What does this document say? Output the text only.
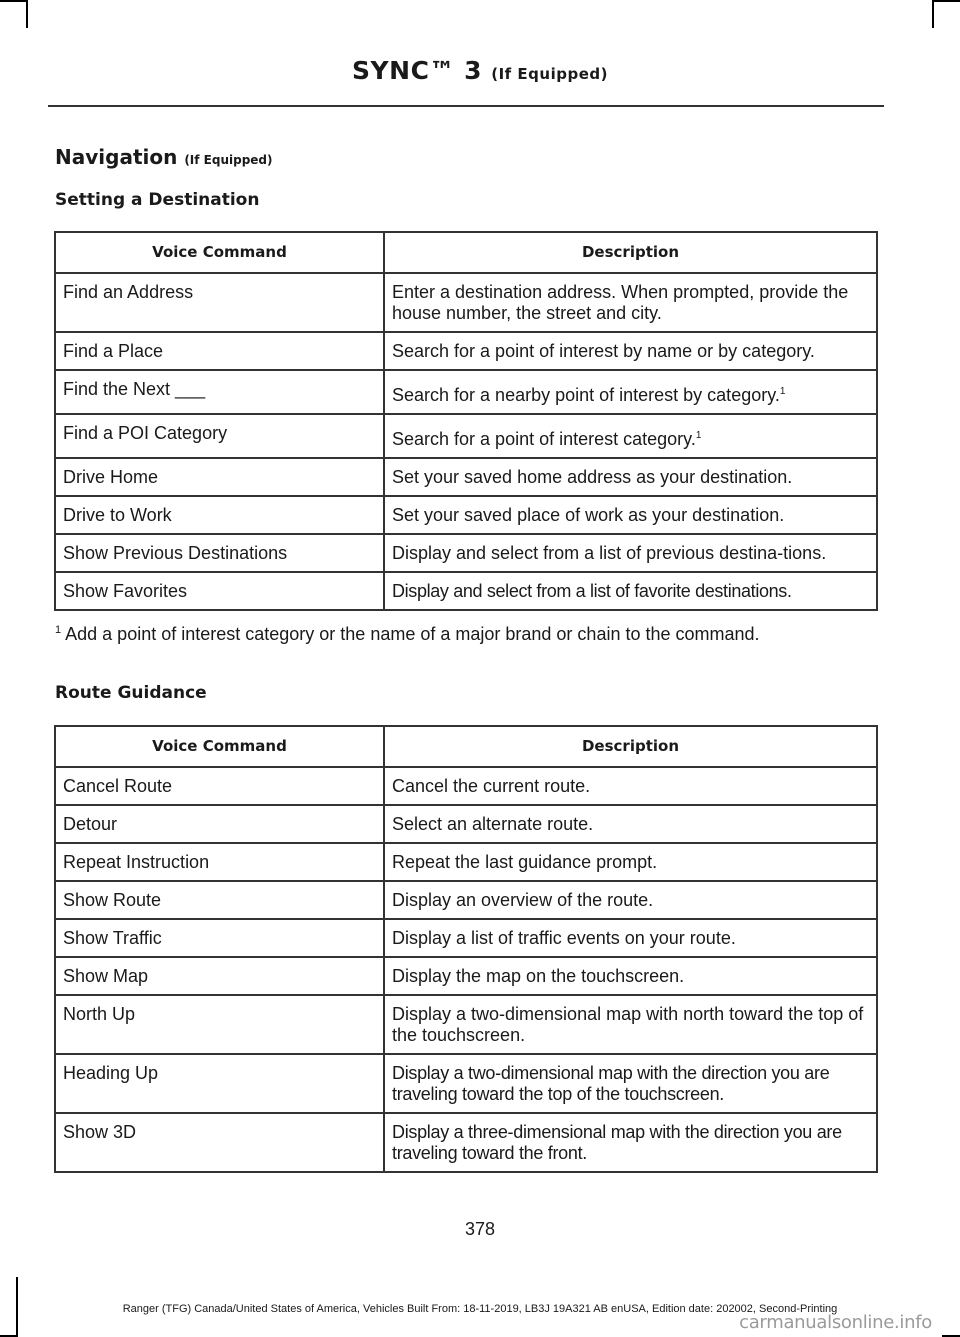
SYNC™ 3 (If Equipped)
Navigation (If Equipped)
Setting a Destination
Voice Command	Description
Find an Address	Enter a destination address. When prompted, provide the house number, the street and city.
Find a Place	Search for a point of interest by name or by category.
Find the Next ___	Search for a nearby point of interest by category.$^1$
Find a POI Category	Search for a point of interest category.$^1$
Drive Home	Set your saved home address as your destination.
Drive to Work	Set your saved place of work as your destination.
Show Previous Destinations	Display and select from a list of previous destina-tions.
Show Favorites	Display and select from a list of favorite destinations.
$^1$ Add a point of interest category or the name of a major brand or chain to the command.
Route Guidance
Voice Command	Description
Cancel Route	Cancel the current route.
Detour	Select an alternate route.
Repeat Instruction	Repeat the last guidance prompt.
Show Route	Display an overview of the route.
Show Traffic	Display a list of traffic events on your route.
Show Map	Display the map on the touchscreen.
North Up	Display a two-dimensional map with north toward the top of the touchscreen.
Heading Up	Display a two-dimensional map with the direction you are traveling toward the top of the touchscreen.
Show 3D	Display a three-dimensional map with the direction you are traveling toward the front.
378
Ranger (TFG) Canada/United States of America, Vehicles Built From: 18-11-2019, LB3J 19A321 AB enUSA, Edition date: 202002, Second-Printing
carmanualsonline.info
